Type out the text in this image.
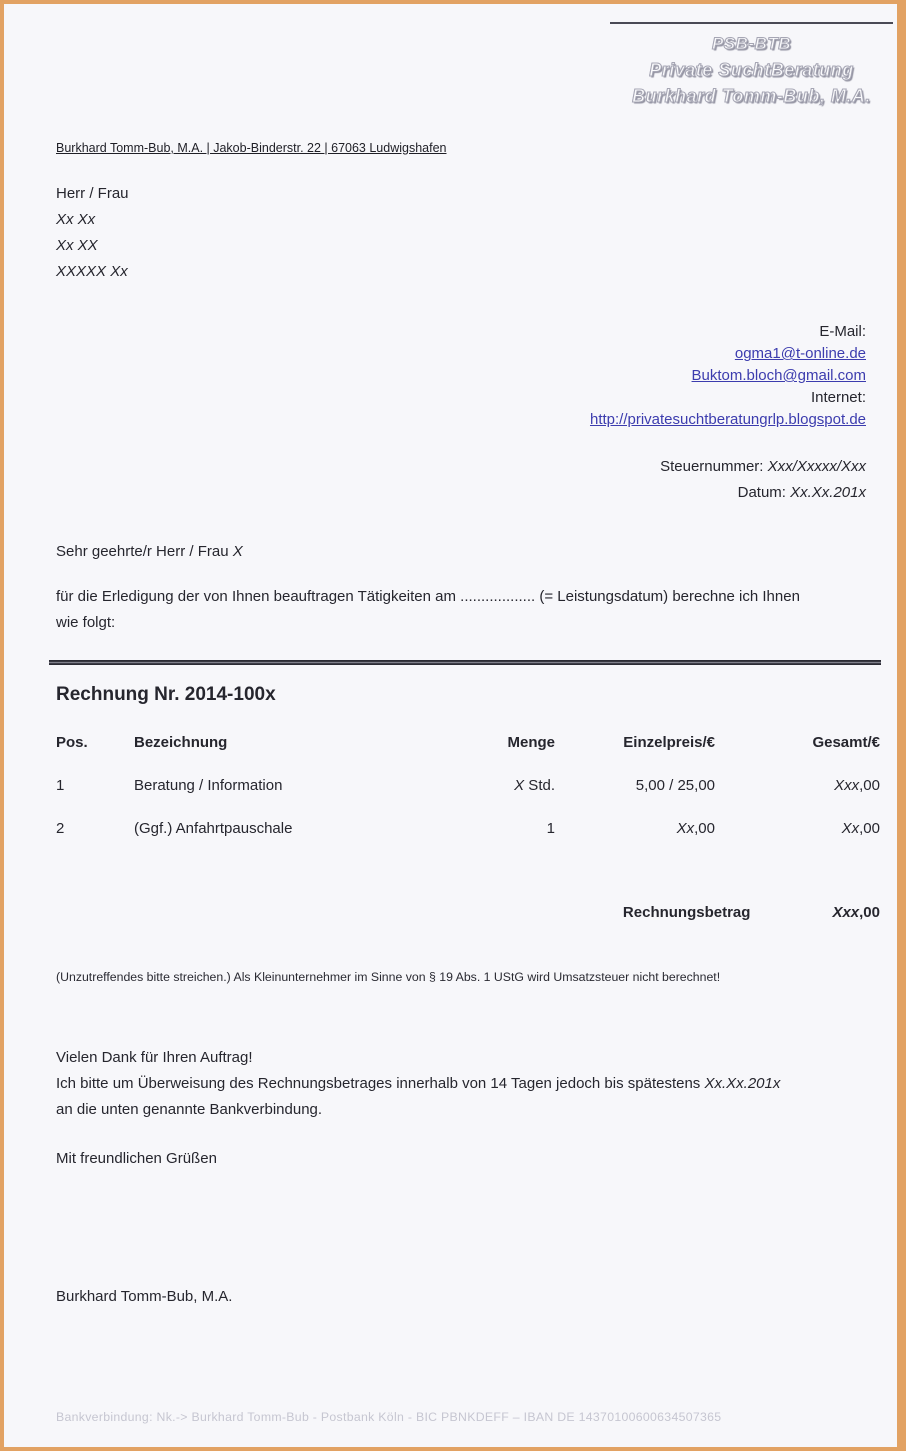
PSB-BTB
Private SuchtBeratung
Burkhard Tomm-Bub, M.A.
Burkhard Tomm-Bub, M.A. | Jakob-Binderstr. 22 | 67063 Ludwigshafen
Herr / Frau
Xx Xx
Xx XX
XXXXX Xx
E-Mail:
ogma1@t-online.de
Buktom.bloch@gmail.com
Internet:
http://privatesuchtberatungrlp.blogspot.de
Steuernummer: Xxx/Xxxxx/Xxx
Datum: Xx.Xx.201x
Sehr geehrte/r Herr / Frau X
für die Erledigung der von Ihnen beauftragen Tätigkeiten am .................. (= Leistungsdatum) berechne ich Ihnen
wie folgt:
Rechnung Nr. 2014-100x
Pos.	Bezeichnung	Menge	Einzelpreis/€	Gesamt/€
1	Beratung / Information	X Std.	5,00 / 25,00	Xxx,00
2	(Ggf.) Anfahrtpauschale	1	Xx,00	Xx,00
Rechnungsbetrag	Xxx,00
(Unzutreffendes bitte streichen.) Als Kleinunternehmer im Sinne von § 19 Abs. 1 UStG wird Umsatzsteuer nicht berechnet!
Vielen Dank für Ihren Auftrag!
Ich bitte um Überweisung des Rechnungsbetrages innerhalb von 14 Tagen jedoch bis spätestens Xx.Xx.201x
an die unten genannte Bankverbindung.
Mit freundlichen Grüßen
Burkhard Tomm-Bub, M.A.
Bankverbindung: Nk.-> Burkhard Tomm-Bub - Postbank Köln - BIC PBNKDEFF – IBAN DE 14370100600634507365
